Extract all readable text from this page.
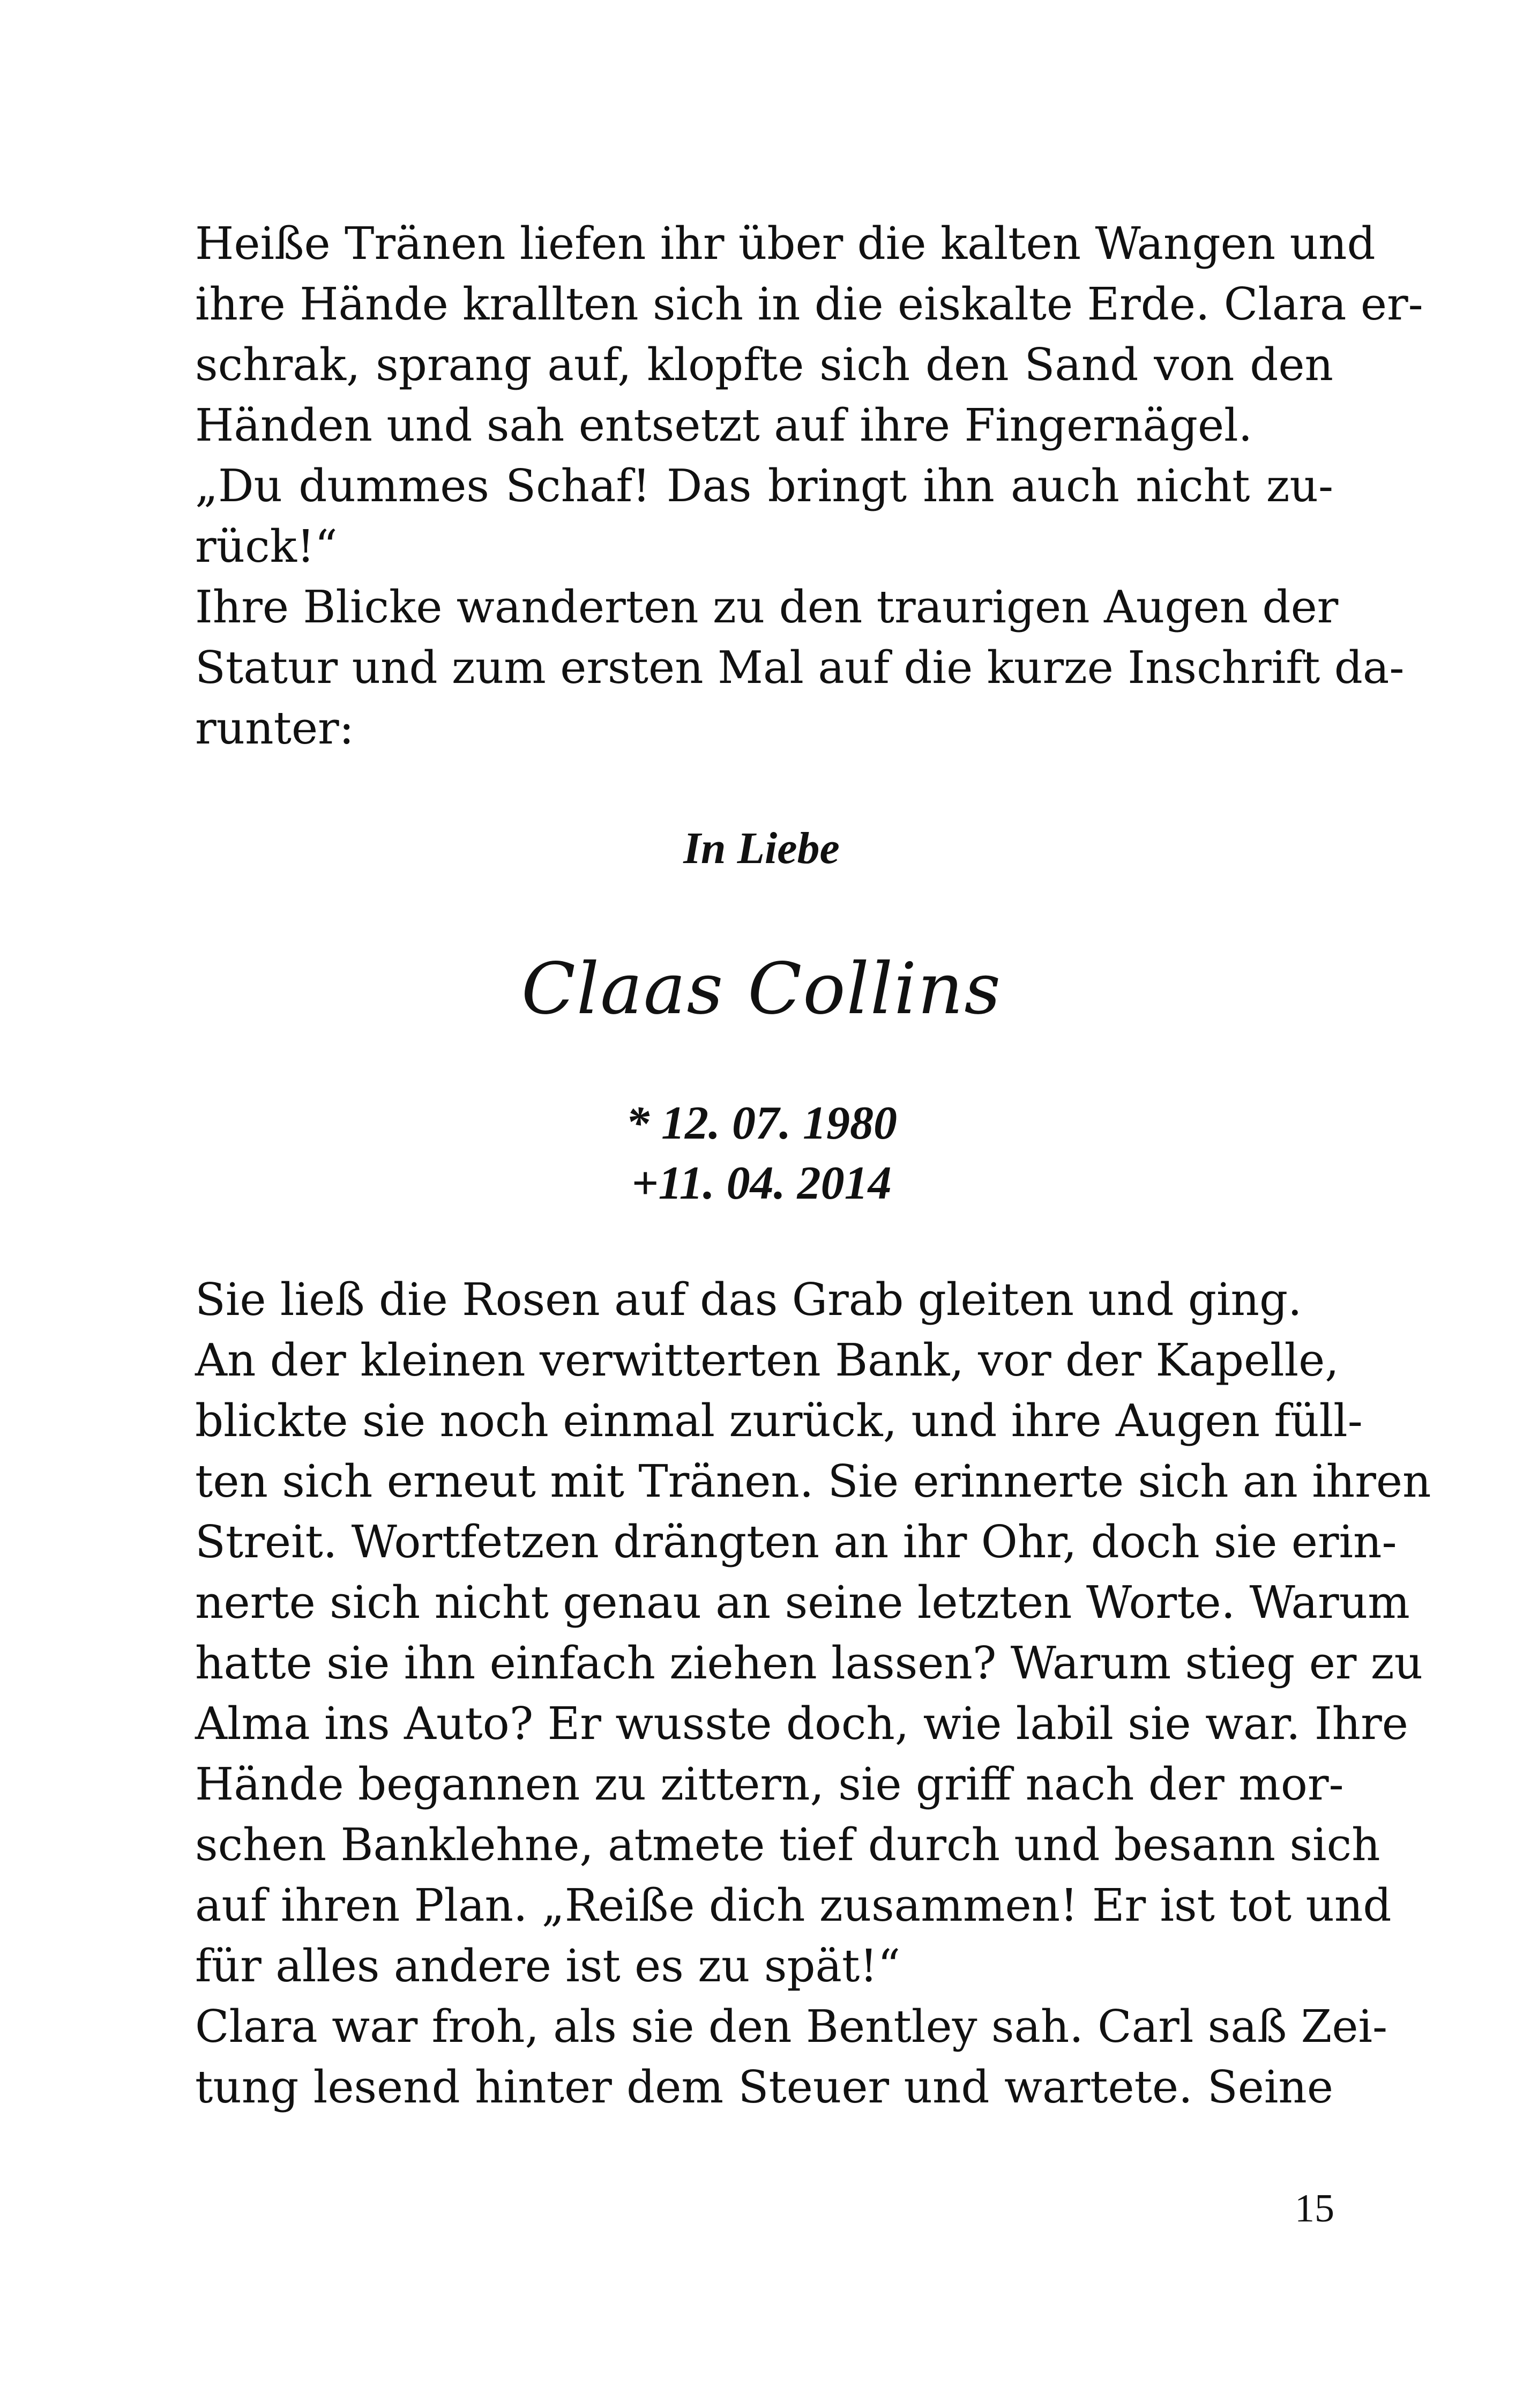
Heiße Tränen liefen ihr über die kalten Wangen und
ihre Hände krallten sich in die eiskalte Erde. Clara er-
schrak, sprang auf, klopfte sich den Sand von den
Händen und sah entsetzt auf ihre Fingernägel.
„Du dummes Schaf! Das bringt ihn auch nicht zu-
rück!“
Ihre Blicke wanderten zu den traurigen Augen der
Statur und zum ersten Mal auf die kurze Inschrift da-
runter:
In Liebe
Claas Collins
* 12. 07. 1980
+11. 04. 2014
Sie ließ die Rosen auf das Grab gleiten und ging.
An der kleinen verwitterten Bank, vor der Kapelle,
blickte sie noch einmal zurück, und ihre Augen füll-
ten sich erneut mit Tränen. Sie erinnerte sich an ihren
Streit. Wortfetzen drängten an ihr Ohr, doch sie erin-
nerte sich nicht genau an seine letzten Worte. Warum
hatte sie ihn einfach ziehen lassen? Warum stieg er zu
Alma ins Auto? Er wusste doch, wie labil sie war. Ihre
Hände begannen zu zittern, sie griff nach der mor-
schen Banklehne, atmete tief durch und besann sich
auf ihren Plan. „Reiße dich zusammen! Er ist tot und
für alles andere ist es zu spät!“
Clara war froh, als sie den Bentley sah. Carl saß Zei-
tung lesend hinter dem Steuer und wartete. Seine
15
